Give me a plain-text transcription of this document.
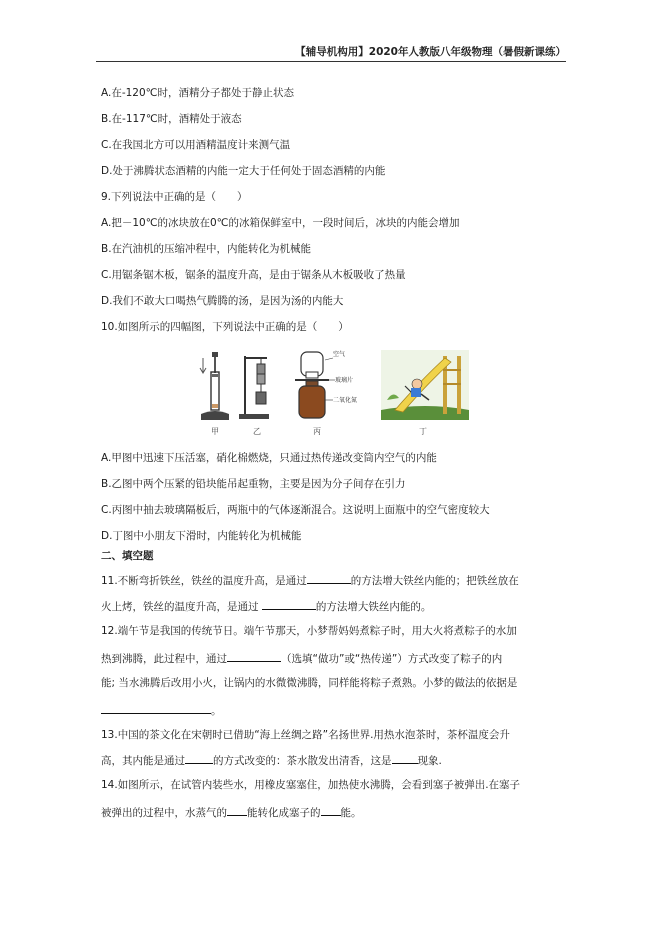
【辅导机构用】2020年人教版八年级物理（暑假新课练）
A.在-120℃时，酒精分子都处于静止状态
B.在-117℃时，酒精处于液态
C.在我国北方可以用酒精温度计来测气温
D.处于沸腾状态酒精的内能一定大于任何处于固态酒精的内能
9.下列说法中正确的是（　　）
A.把－10℃的冰块放在0℃的冰箱保鲜室中，一段时间后，冰块的内能会增加
B.在汽油机的压缩冲程中，内能转化为机械能
C.用锯条锯木板，锯条的温度升高，是由于锯条从木板吸收了热量
D.我们不敢大口喝热气腾腾的汤，是因为汤的内能大
10.如图所示的四幅图，下列说法中正确的是（　　）
甲	乙
空气
玻璃片
二氧化氮
丙	丁
A.甲图中迅速下压活塞，硝化棉燃烧，只通过热传递改变筒内空气的内能
B.乙图中两个压紧的铅块能吊起重物，主要是因为分子间存在引力
C.丙图中抽去玻璃隔板后，两瓶中的气体逐渐混合。这说明上面瓶中的空气密度较大
D.丁图中小朋友下滑时，内能转化为机械能
二、填空题
11.不断弯折铁丝，铁丝的温度升高，是通过	的方法增大铁丝内能的；把铁丝放在
火上烤，铁丝的温度升高，是通过	的方法增大铁丝内能的。
12.端午节是我国的传统节日。端午节那天，小梦帮妈妈煮粽子时，用大火将煮粽子的水加
热到沸腾，此过程中，通过	（选填“做功”或“热传递”）方式改变了粽子的内
能; 当水沸腾后改用小火，让锅内的水微微沸腾，同样能将粽子煮熟。小梦的做法的依据是
。
13.中国的茶文化在宋朝时已借助“海上丝绸之路”名扬世界.用热水泡茶时，茶杯温度会升
高，其内能是通过	的方式改变的：茶水散发出清香，这是 现象.
14.如图所示，在试管内装些水，用橡皮塞塞住，加热使水沸腾，会看到塞子被弹出.在塞子
被弹出的过程中，水蒸气的 能转化成塞子的 能。
